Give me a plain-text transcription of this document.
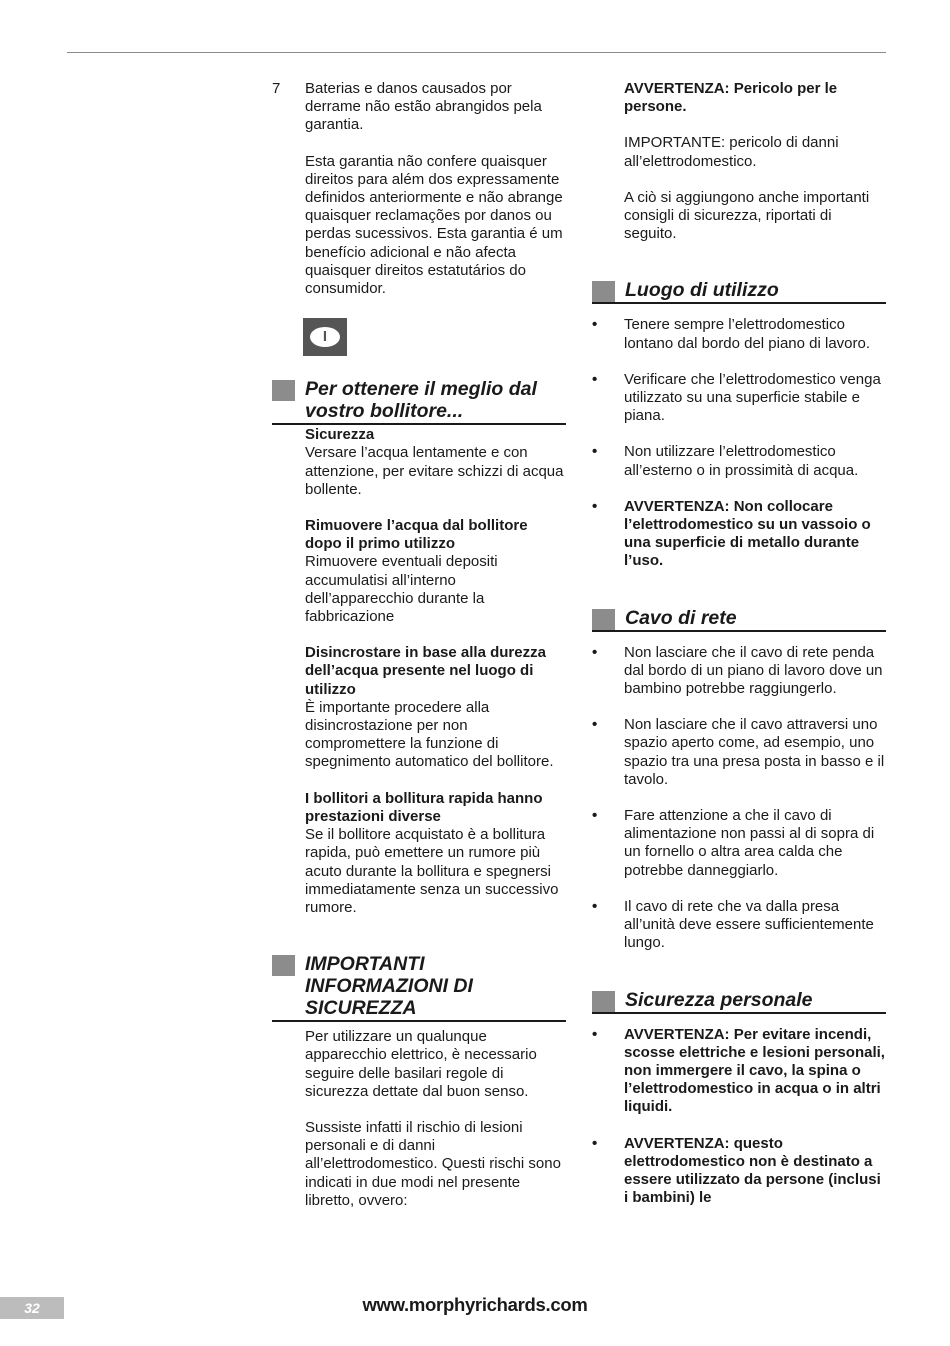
7 Baterias e danos causados por derrame não estão abrangidos pela garantia.

Esta garantia não confere quaisquer direitos para além dos expressamente definidos anteriormente e não abrange quaisquer reclamações por danos ou perdas sucessivos. Esta garantia é um benefício adicional e não afecta quaisquer direitos estatutários do consumidor.

I
Per ottenere il meglio dal vostro bollitore...
Sicurezza
Versare l’acqua lentamente e con attenzione, per evitare schizzi di acqua bollente.
Rimuovere l’acqua dal bollitore dopo il primo utilizzo
Rimuovere eventuali depositi accumulatisi all’interno dell’apparecchio durante la fabbricazione
Disincrostare in base alla durezza dell’acqua presente nel luogo di utilizzo
È importante procedere alla disincrostazione per non compromettere la funzione di spegnimento automatico del bollitore.
I bollitori a bollitura rapida hanno prestazioni diverse
Se il bollitore acquistato è a bollitura rapida, può emettere un rumore più acuto durante la bollitura e spegnersi immediatamente senza un successivo rumore.
IMPORTANTI INFORMAZIONI DI SICUREZZA

Per utilizzare un qualunque apparecchio elettrico, è necessario seguire delle basilari regole di sicurezza dettate dal buon senso.

Sussiste infatti il rischio di lesioni personali e di danni all’elettrodomestico. Questi rischi sono indicati in due modi nel presente libretto, ovvero:

AVVERTENZA: Pericolo per le persone.

IMPORTANTE: pericolo di danni all’elettrodomestico.

A ciò si aggiungono anche importanti consigli di sicurezza, riportati di seguito.

Luogo di utilizzo
• Tenere sempre l’elettrodomestico lontano dal bordo del piano di lavoro.
• Verificare che l’elettrodomestico venga utilizzato su una superficie stabile e piana.
• Non utilizzare l’elettrodomestico all’esterno o in prossimità di acqua.
• AVVERTENZA: Non collocare l’elettrodomestico su un vassoio o una superficie di metallo durante l’uso.
Cavo di rete
• Non lasciare che il cavo di rete penda dal bordo di un piano di lavoro dove un bambino potrebbe raggiungerlo.
• Non lasciare che il cavo attraversi uno spazio aperto come, ad esempio, uno spazio tra una presa posta in basso e il tavolo.
• Fare attenzione a che il cavo di alimentazione non passi al di sopra di un fornello o altra area calda che potrebbe danneggiarlo.
• Il cavo di rete che va dalla presa all’unità deve essere sufficientemente lungo.
Sicurezza personale
• AVVERTENZA: Per evitare incendi, scosse elettriche e lesioni personali, non immergere il cavo, la spina o l’elettrodomestico in acqua o in altri liquidi.
• AVVERTENZA: questo elettrodomestico non è destinato a essere utilizzato da persone (inclusi i bambini) le
32	www.morphyrichards.com
